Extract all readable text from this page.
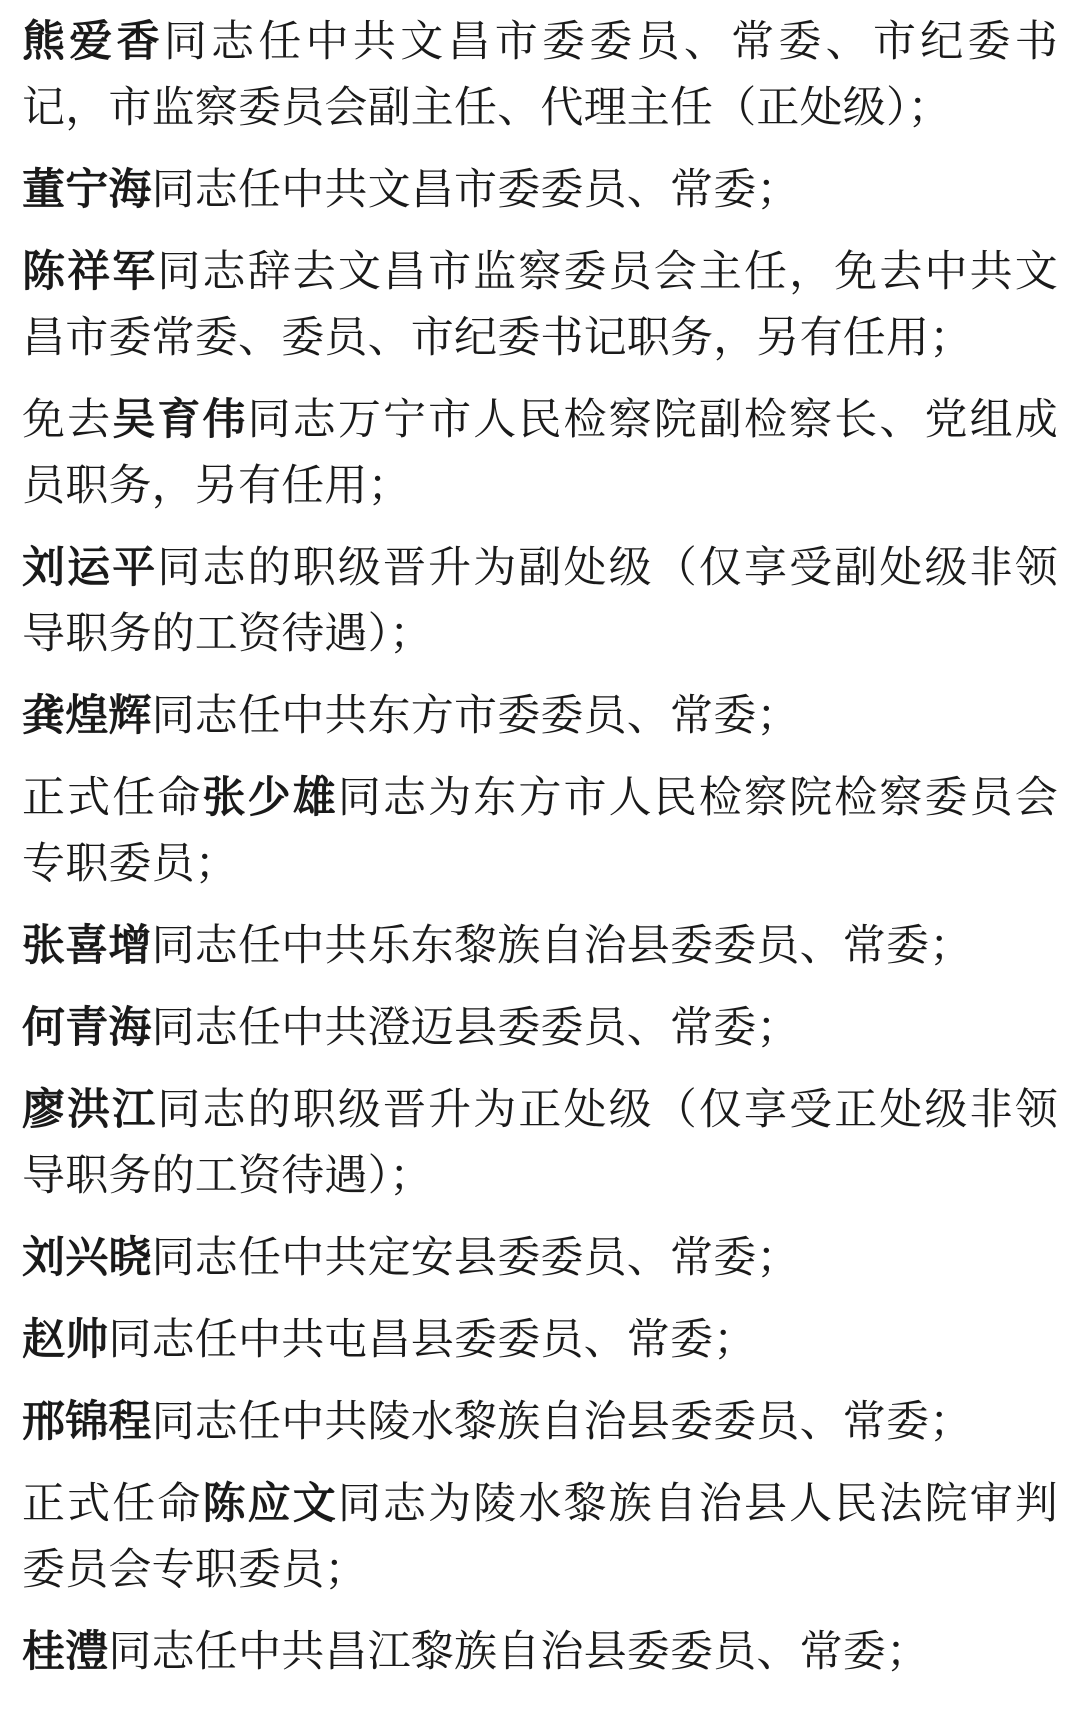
熊爱香同志任中共文昌市委委员、常委、市纪委书记，市监察委员会副主任、代理主任（正处级）；

董宁海同志任中共文昌市委委员、常委；

陈祥军同志辞去文昌市监察委员会主任，免去中共文昌市委常委、委员、市纪委书记职务，另有任用；

免去吴育伟同志万宁市人民检察院副检察长、党组成员职务，另有任用；

刘运平同志的职级晋升为副处级（仅享受副处级非领导职务的工资待遇）；

龚煌辉同志任中共东方市委委员、常委；

正式任命张少雄同志为东方市人民检察院检察委员会专职委员；

张喜增同志任中共乐东黎族自治县委委员、常委；

何青海同志任中共澄迈县委委员、常委；

廖洪江同志的职级晋升为正处级（仅享受正处级非领导职务的工资待遇）；

刘兴晓同志任中共定安县委委员、常委；

赵帅同志任中共屯昌县委委员、常委；

邢锦程同志任中共陵水黎族自治县委委员、常委；

正式任命陈应文同志为陵水黎族自治县人民法院审判委员会专职委员；

桂澧同志任中共昌江黎族自治县委委员、常委；
